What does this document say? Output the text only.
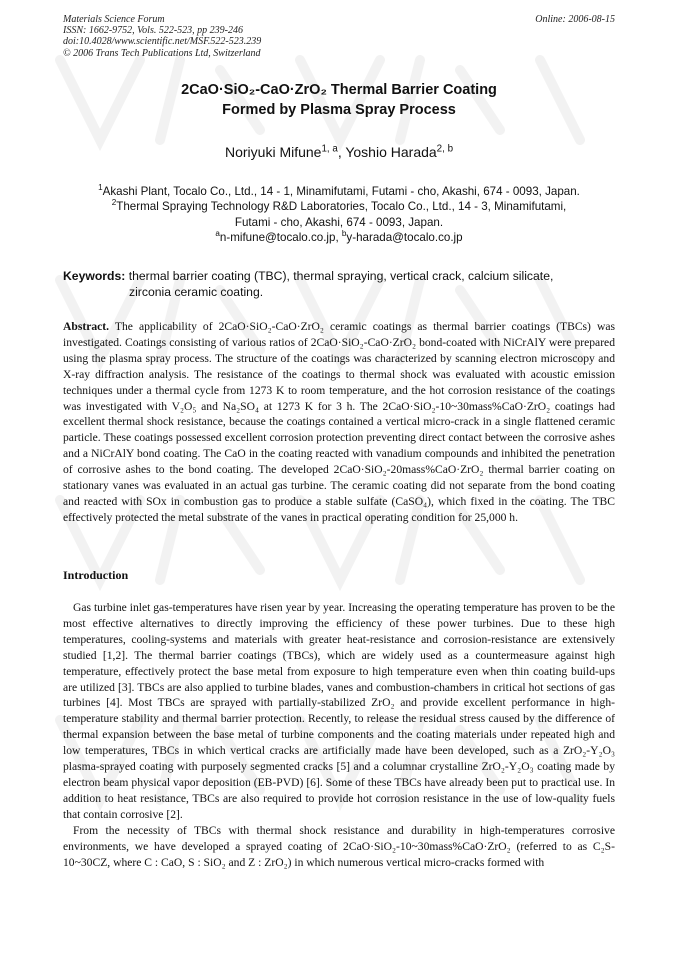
Materials Science Forum
ISSN: 1662-9752, Vols. 522-523, pp 239-246
doi:10.4028/www.scientific.net/MSF.522-523.239
© 2006 Trans Tech Publications Ltd, Switzerland
Online: 2006-08-15
2CaO·SiO₂-CaO·ZrO₂ Thermal Barrier Coating
Formed by Plasma Spray Process
Noriyuki Mifune$^{1, a}$, Yoshio Harada$^{2, b}$
$^1$Akashi Plant, Tocalo Co., Ltd., 14 - 1, Minamifutami, Futami - cho, Akashi, 674 - 0093, Japan.
$^2$Thermal Spraying Technology R&D Laboratories, Tocalo Co., Ltd., 14 - 3, Minamifutami,
Futami - cho, Akashi, 674 - 0093, Japan.
$^a$n-mifune@tocalo.co.jp, $^b$y-harada@tocalo.co.jp
Keywords: thermal barrier coating (TBC), thermal spraying, vertical crack, calcium silicate,
zirconia ceramic coating.
Abstract. The applicability of 2CaO·SiO₂-CaO·ZrO₂ ceramic coatings as thermal barrier coatings (TBCs) was investigated. Coatings consisting of various ratios of 2CaO·SiO₂-CaO·ZrO₂ bond-coated with NiCrAlY were prepared using the plasma spray process. The structure of the coatings was characterized by scanning electron microscopy and X-ray diffraction analysis. The resistance of the coatings to thermal shock was evaluated with acoustic emission techniques under a thermal cycle from 1273 K to room temperature, and the hot corrosion resistance of the coatings was investigated with V₂O₅ and Na₂SO₄ at 1273 K for 3 h. The 2CaO·SiO₂-10~30mass%CaO·ZrO₂ coatings had excellent thermal shock resistance, because the coatings contained a vertical micro-crack in a single flattened ceramic particle. These coatings possessed excellent corrosion protection preventing direct contact between the corrosive ashes and a NiCrAlY bond coating. The CaO in the coating reacted with vanadium compounds and inhibited the penetration of corrosive ashes to the bond coating. The developed 2CaO·SiO₂-20mass%CaO·ZrO₂ thermal barrier coating on stationary vanes was evaluated in an actual gas turbine. The ceramic coating did not separate from the bond coating and reacted with SOx in combustion gas to produce a stable sulfate (CaSO₄), which fixed in the coating. The TBC effectively protected the metal substrate of the vanes in practical operating condition for 25,000 h.
Introduction

Gas turbine inlet gas-temperatures have risen year by year. Increasing the operating temperature has proven to be the most effective alternatives to directly improving the efficiency of these power turbines. Due to these high temperatures, cooling-systems and materials with greater heat-resistance and corrosion-resistance are extensively studied [1,2]. The thermal barrier coatings (TBCs), which are widely used as a countermeasure against high temperature, effectively protect the base metal from exposure to high temperature even when thin coating build-ups are utilized [3]. TBCs are also applied to turbine blades, vanes and combustion-chambers in critical hot sections of gas turbines [4]. Most TBCs are sprayed with partially-stabilized ZrO₂ and provide excellent performance in high-temperature stability and thermal barrier protection. Recently, to release the residual stress caused by the difference of thermal expansion between the base metal of turbine components and the coating materials under repeated high and low temperatures, TBCs in which vertical cracks are artificially made have been developed, such as a ZrO₂-Y₂O₃ plasma-sprayed coating with purposely segmented cracks [5] and a columnar crystalline ZrO₂-Y₂O₃ coating made by electron beam physical vapor deposition (EB-PVD) [6]. Some of these TBCs have already been put to practical use. In addition to heat resistance, TBCs are also required to provide hot corrosion resistance in the use of low-quality fuels that contain corrosive [2].

From the necessity of TBCs with thermal shock resistance and durability in high-temperatures corrosive environments, we have developed a sprayed coating of 2CaO·SiO₂-10~30mass%CaO·ZrO₂ (referred to as C₂S-10~30CZ, where C : CaO, S : SiO₂ and Z : ZrO₂) in which numerous vertical micro-cracks formed with
